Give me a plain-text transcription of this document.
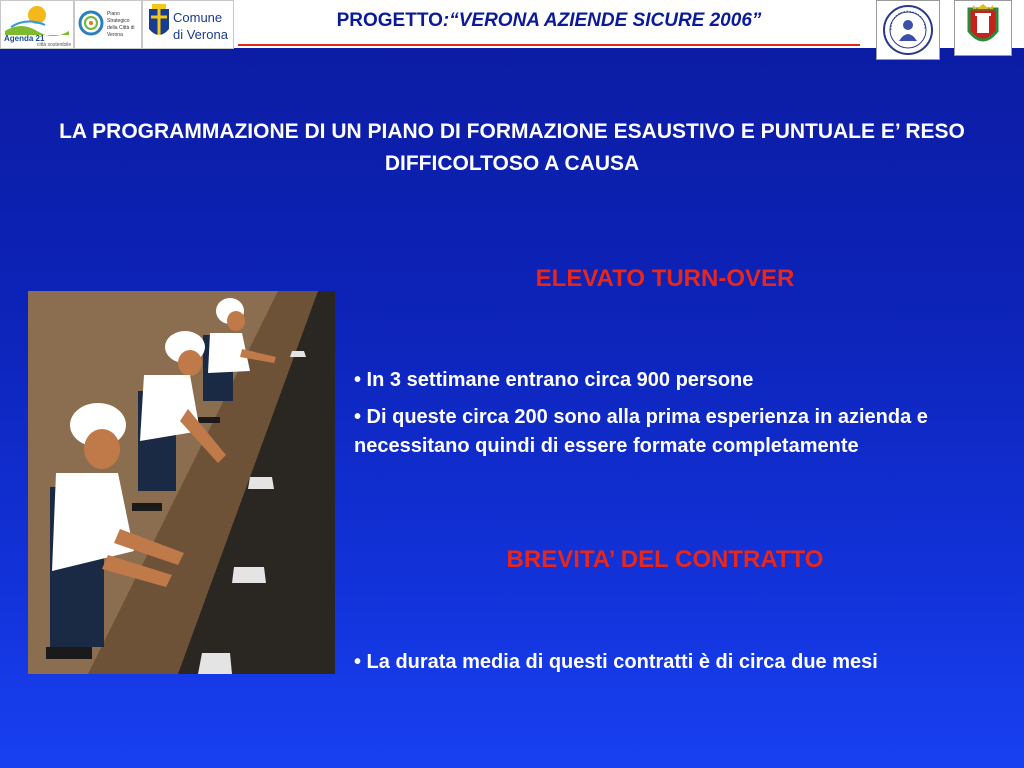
Agenda 21
città sostenibile
Piano
Strategico
della Città di
Verona
Comune
di Verona
PROGETTO:“VERONA AZIENDE SICURE 2006”
LA PROGRAMMAZIONE DI UN PIANO DI FORMAZIONE ESAUSTIVO E PUNTUALE E’ RESO DIFFICOLTOSO A CAUSA
ELEVATO TURN-OVER

• In 3 settimane entrano circa 900 persone

• Di queste circa 200 sono alla prima esperienza in azienda e necessitano quindi di essere formate completamente

BREVITA’ DEL CONTRATTO

• La durata media di questi contratti è di circa due mesi
